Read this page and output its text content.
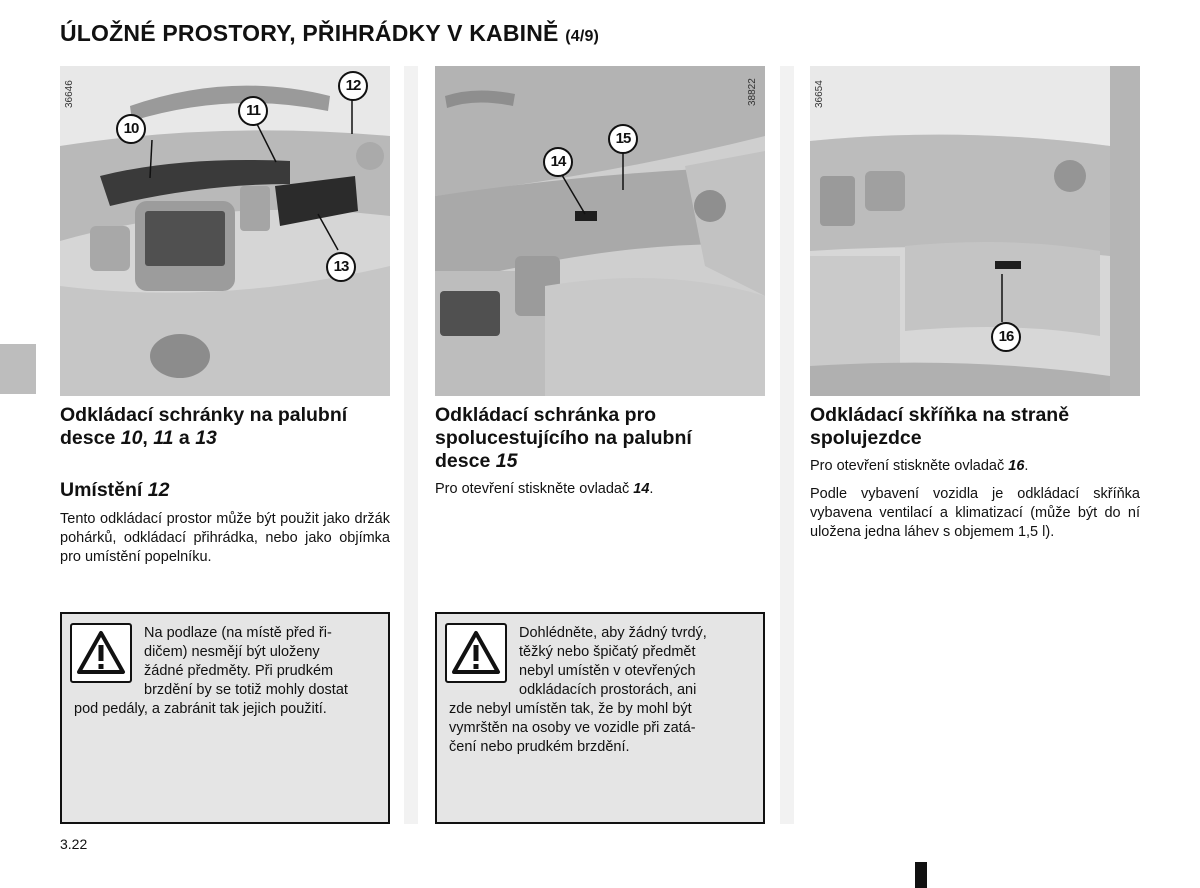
ÚLOŽNÉ PROSTORY, PŘIHRÁDKY V KABINĚ (4/9)
36646
10
11
12
13
38822
14
15
36654
16
Odkládací schránky na palubní desce 10, 11 a 13
Umístění 12
Tento odkládací prostor může být použit jako držák pohárků, odkládací přihrádka, nebo jako objímka pro umístění popelníku.
Na podlaze (na místě před ři-
dičem) nesmějí být uloženy
žádné předměty. Při prudkém
brzdění by se totiž mohly dostat
pod pedály, a zabránit tak jejich použití.
Odkládací schránka pro spolucestujícího na palubní desce 15
Pro otevření stiskněte ovladač 14.
Dohlédněte, aby žádný tvrdý,
těžký nebo špičatý předmět
nebyl umístěn v otevřených
odkládacích prostorách, ani
zde nebyl umístěn tak, že by mohl být
vymrštěn na osoby ve vozidle při zatá-
čení nebo prudkém brzdění.
Odkládací skříňka na straně spolujezdce
Pro otevření stiskněte ovladač 16.
Podle vybavení vozidla je odkládací skříňka vybavena ventilací a klimatizací (může být do ní uložena jedna láhev s objemem 1,5 l).
3.22
